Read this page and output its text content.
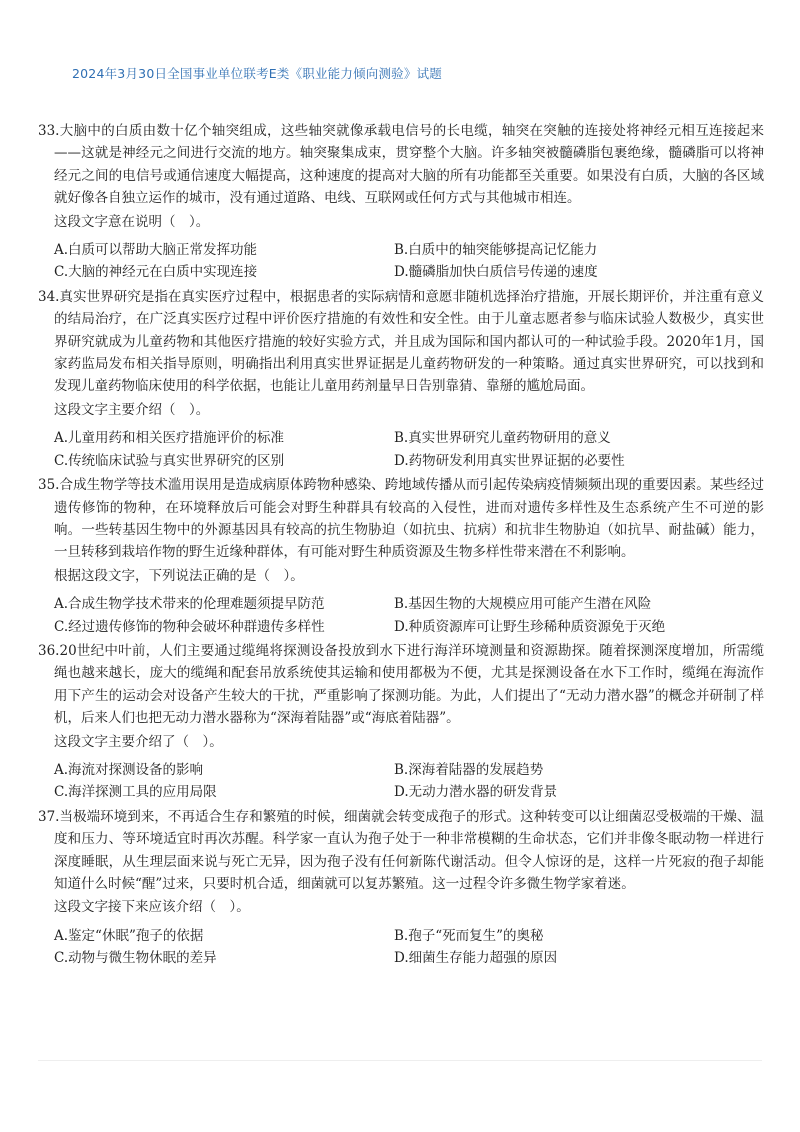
2024年3月30日全国事业单位联考E类《职业能力倾向测验》试题
33.大脑中的白质由数十亿个轴突组成，这些轴突就像承载电信号的长电缆，轴突在突触的连接处将神经元相互连接起来——这就是神经元之间进行交流的地方。轴突聚集成束，贯穿整个大脑。许多轴突被髓磷脂包裹绝缘，髓磷脂可以将神经元之间的电信号或通信速度大幅提高，这种速度的提高对大脑的所有功能都至关重要。如果没有白质，大脑的各区域就好像各自独立运作的城市，没有通过道路、电线、互联网或任何方式与其他城市相连。
这段文字意在说明（　）。
A.白质可以帮助大脑正常发挥功能	B.白质中的轴突能够提高记忆能力
C.大脑的神经元在白质中实现连接	D.髓磷脂加快白质信号传递的速度
34.真实世界研究是指在真实医疗过程中，根据患者的实际病情和意愿非随机选择治疗措施，开展长期评价，并注重有意义的结局治疗，在广泛真实医疗过程中评价医疗措施的有效性和安全性。由于儿童志愿者参与临床试验人数极少，真实世界研究就成为儿童药物和其他医疗措施的较好实验方式，并且成为国际和国内都认可的一种试验手段。2020年1月，国家药监局发布相关指导原则，明确指出利用真实世界证据是儿童药物研发的一种策略。通过真实世界研究，可以找到和发现儿童药物临床使用的科学依据，也能让儿童用药剂量早日告别靠猜、靠掰的尴尬局面。
这段文字主要介绍（　）。
A.儿童用药和相关医疗措施评价的标准	B.真实世界研究儿童药物研用的意义
C.传统临床试验与真实世界研究的区别	D.药物研发利用真实世界证据的必要性
35.合成生物学等技术滥用误用是造成病原体跨物种感染、跨地域传播从而引起传染病疫情频频出现的重要因素。某些经过遗传修饰的物种，在环境释放后可能会对野生种群具有较高的入侵性，进而对遗传多样性及生态系统产生不可逆的影响。一些转基因生物中的外源基因具有较高的抗生物胁迫（如抗虫、抗病）和抗非生物胁迫（如抗旱、耐盐碱）能力，一旦转移到栽培作物的野生近缘种群体，有可能对野生种质资源及生物多样性带来潜在不利影响。
根据这段文字，下列说法正确的是（　）。
A.合成生物学技术带来的伦理难题须提早防范	B.基因生物的大规模应用可能产生潜在风险
C.经过遗传修饰的物种会破坏种群遗传多样性	D.种质资源库可让野生珍稀种质资源免于灭绝
36.20世纪中叶前，人们主要通过缆绳将探测设备投放到水下进行海洋环境测量和资源勘探。随着探测深度增加，所需缆绳也越来越长，庞大的缆绳和配套吊放系统使其运输和使用都极为不便，尤其是探测设备在水下工作时，缆绳在海流作用下产生的运动会对设备产生较大的干扰，严重影响了探测功能。为此，人们提出了“无动力潜水器”的概念并研制了样机，后来人们也把无动力潜水器称为“深海着陆器”或“海底着陆器”。
这段文字主要介绍了（　）。
A.海流对探测设备的影响	B.深海着陆器的发展趋势
C.海洋探测工具的应用局限	D.无动力潜水器的研发背景
37.当极端环境到来，不再适合生存和繁殖的时候，细菌就会转变成孢子的形式。这种转变可以让细菌忍受极端的干燥、温度和压力、等环境适宜时再次苏醒。科学家一直认为孢子处于一种非常模糊的生命状态，它们并非像冬眠动物一样进行深度睡眠，从生理层面来说与死亡无异，因为孢子没有任何新陈代谢活动。但令人惊讶的是，这样一片死寂的孢子却能知道什么时候“醒”过来，只要时机合适，细菌就可以复苏繁殖。这一过程令许多微生物学家着迷。
这段文字接下来应该介绍（　）。
A.鉴定“休眠”孢子的依据	B.孢子“死而复生”的奥秘
C.动物与微生物休眠的差异	D.细菌生存能力超强的原因
